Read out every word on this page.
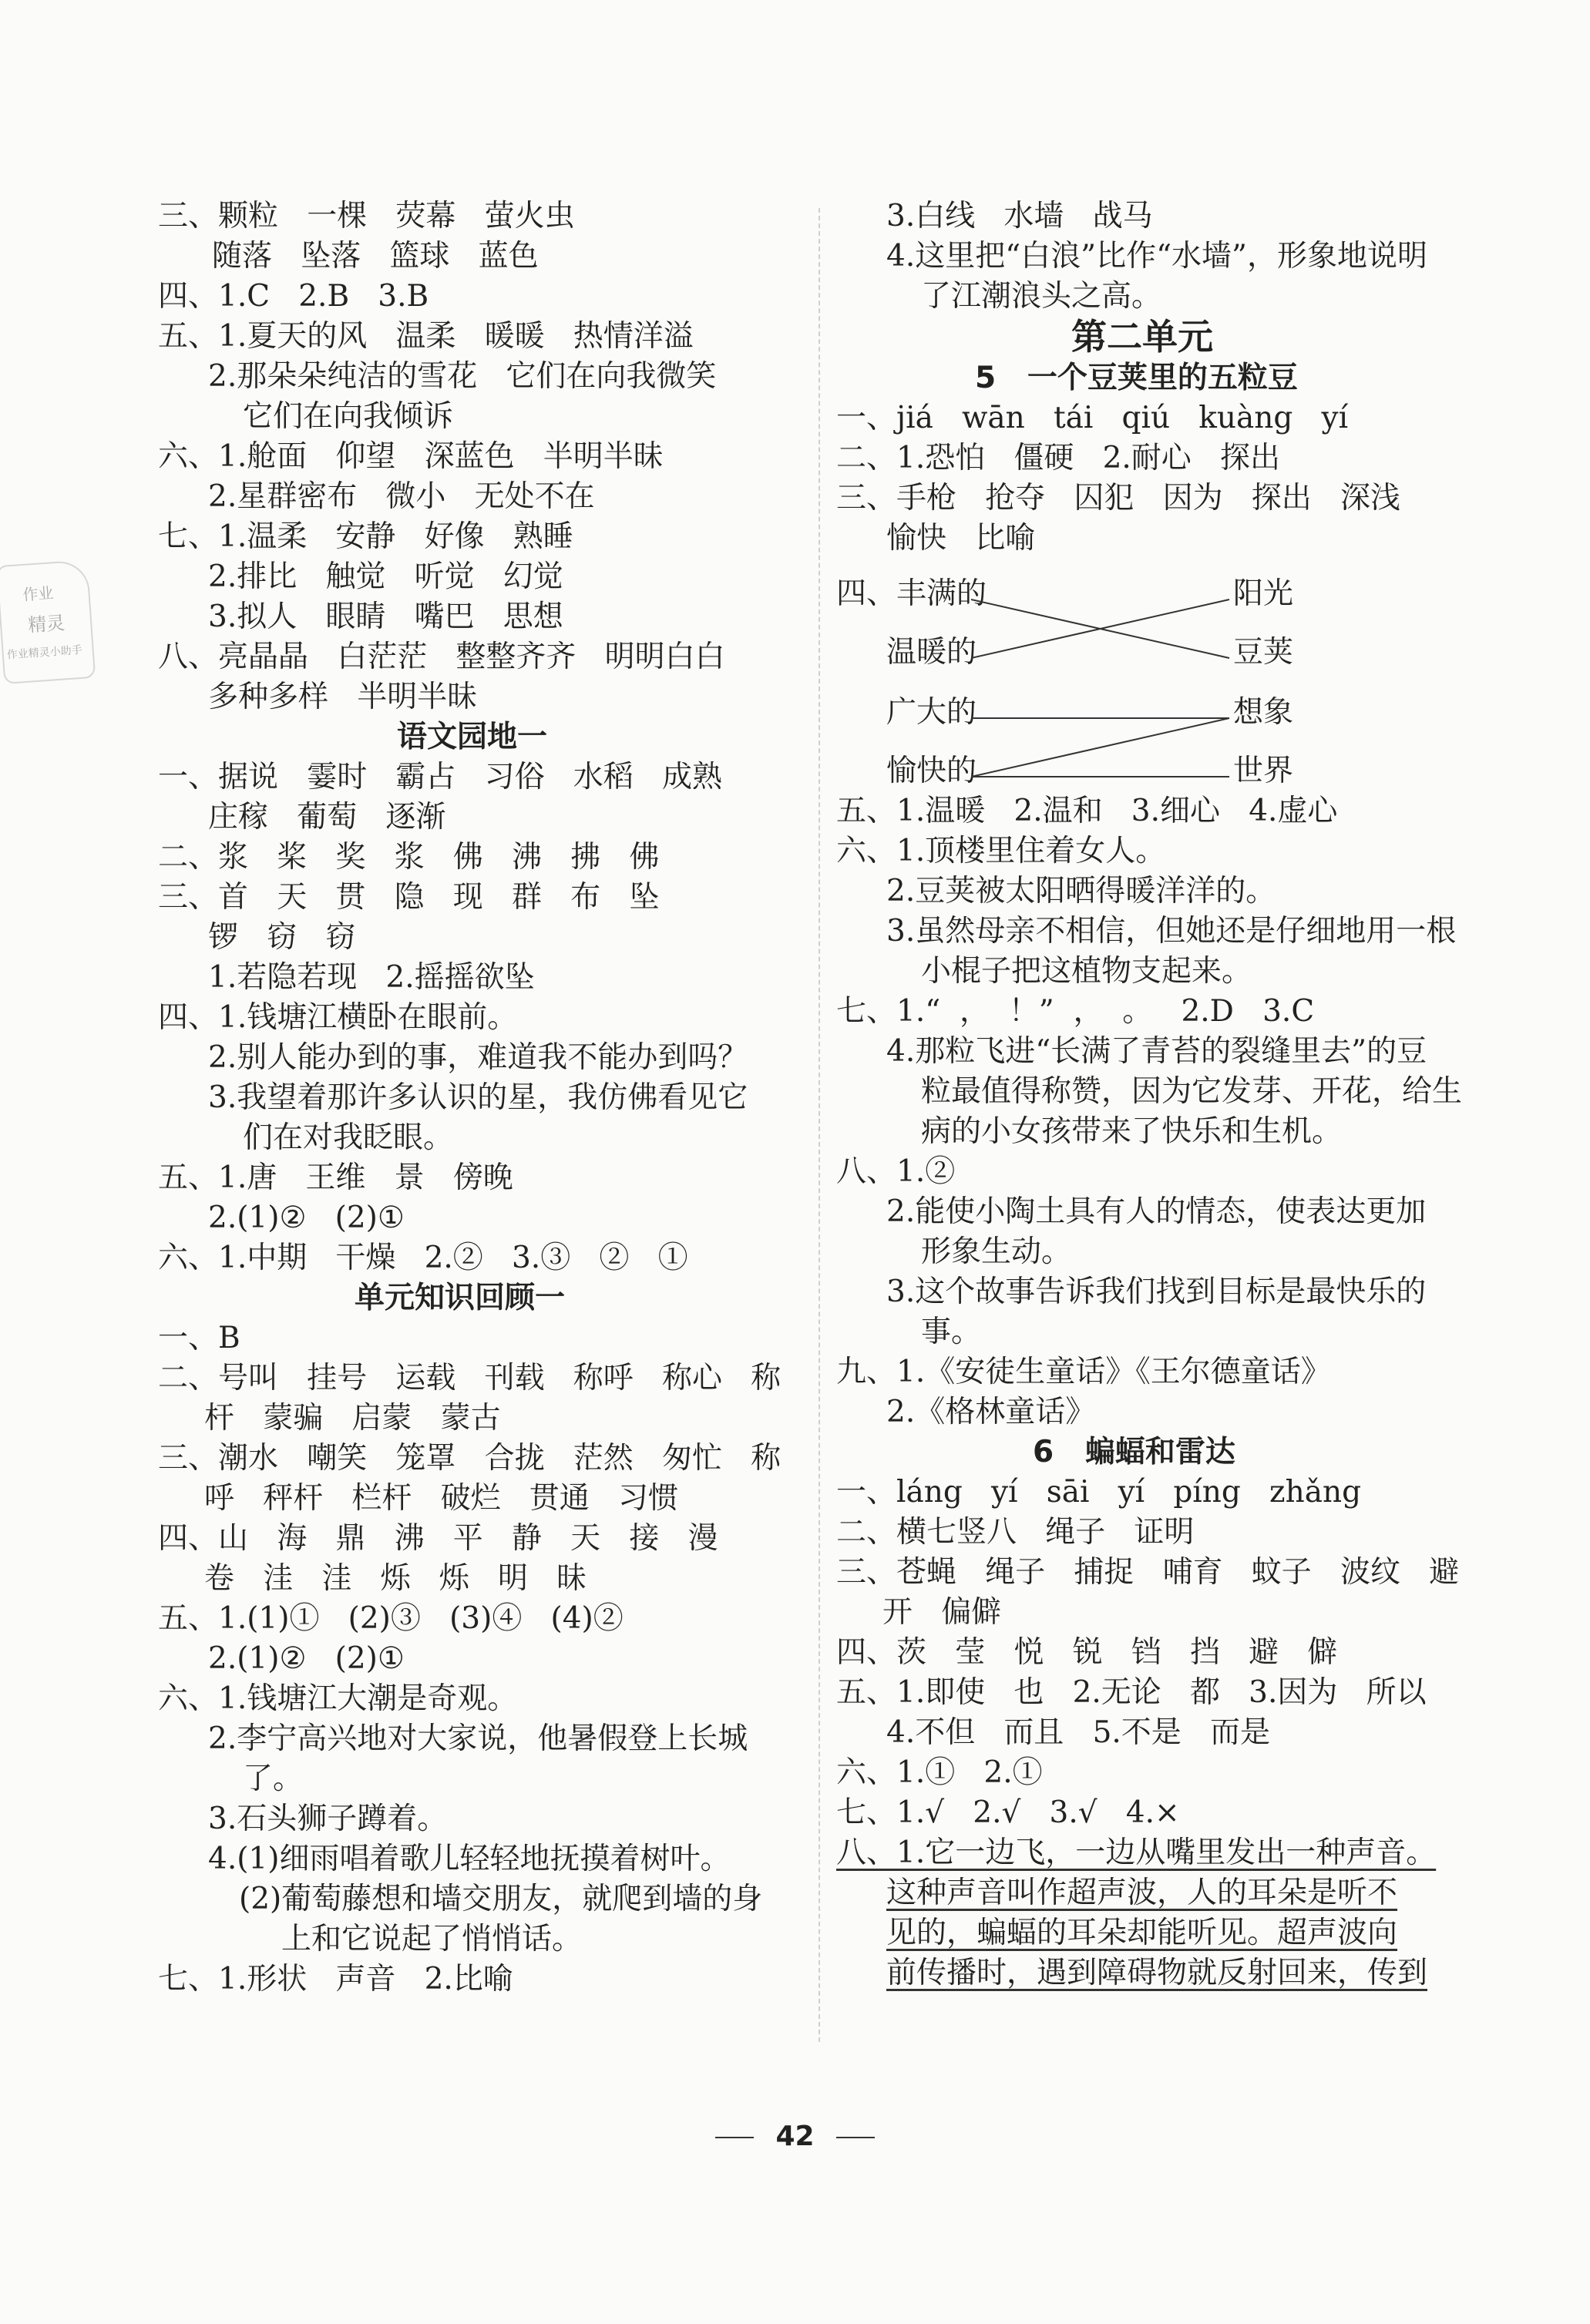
作业
精灵
作业精灵小助手
三、颗粒   一棵   荧幕   萤火虫
随落   坠落   篮球   蓝色
四、1.C   2.B   3.B
五、1.夏天的风   温柔   暖暖   热情洋溢
2.那朵朵纯洁的雪花   它们在向我微笑
它们在向我倾诉
六、1.舱面   仰望   深蓝色   半明半昧
2.星群密布   微小   无处不在
七、1.温柔   安静   好像   熟睡
2.排比   触觉   听觉   幻觉
3.拟人   眼睛   嘴巴   思想
八、亮晶晶   白茫茫   整整齐齐   明明白白
多种多样   半明半昧
语文园地一
一、据说   霎时   霸占   习俗   水稻   成熟
庄稼   葡萄   逐渐
二、浆   桨   奖   浆   佛   沸   拂   佛
三、首   天   贯   隐   现   群   布   坠
锣   窃   窃
1.若隐若现   2.摇摇欲坠
四、1.钱塘江横卧在眼前。
2.别人能办到的事，难道我不能办到吗？
3.我望着那许多认识的星，我仿佛看见它
们在对我眨眼。
五、1.唐   王维   景   傍晚
2.(1)②   (2)①
六、1.中期   干燥   2.②   3.③   ②   ①
单元知识回顾一
一、B
二、号叫   挂号   运载   刊载   称呼   称心   称
杆   蒙骗   启蒙   蒙古
三、潮水   嘲笑   笼罩   合拢   茫然   匆忙   称
呼   秤杆   栏杆   破烂   贯通   习惯
四、山   海   鼎   沸   平   静   天   接   漫
卷   洼   洼   烁   烁   明   昧
五、1.(1)①   (2)③   (3)④   (4)②
2.(1)②   (2)①
六、1.钱塘江大潮是奇观。
2.李宁高兴地对大家说，他暑假登上长城
了。
3.石头狮子蹲着。
4.(1)细雨唱着歌儿轻轻地抚摸着树叶。
(2)葡萄藤想和墙交朋友，就爬到墙的身
上和它说起了悄悄话。
七、1.形状   声音   2.比喻
3.白线   水墙   战马
4.这里把“白浪”比作“水墙”，形象地说明
了江潮浪头之高。
第二单元
5   一个豆荚里的五粒豆
一、jiá   wān   tái   qiú   kuàng   yí
二、1.恐怕   僵硬   2.耐心   探出
三、手枪   抢夺   囚犯   因为   探出   深浅
愉快   比喻
四、丰满的
温暖的
广大的
愉快的
阳光
豆荚
想象
世界
五、1.温暖   2.温和   3.细心   4.虚心
六、1.顶楼里住着女人。
2.豆荚被太阳晒得暖洋洋的。
3.虽然母亲不相信，但她还是仔细地用一根
小棍子把这植物支起来。
七、1.“  ，  ！”  ，  。   2.D   3.C
4.那粒飞进“长满了青苔的裂缝里去”的豆
粒最值得称赞，因为它发芽、开花，给生
病的小女孩带来了快乐和生机。
八、1.②
2.能使小陶土具有人的情态，使表达更加
形象生动。
3.这个故事告诉我们找到目标是最快乐的
事。
九、1.《安徒生童话》《王尔德童话》
2.《格林童话》
6   蝙蝠和雷达
一、láng   yí   sāi   yí   píng   zhǎng
二、横七竖八   绳子   证明
三、苍蝇   绳子   捕捉   哺育   蚊子   波纹   避
开   偏僻
四、茨   莹   悦   锐   铛   挡   避   僻
五、1.即使   也   2.无论   都   3.因为   所以
4.不但   而且   5.不是   而是
六、1.①   2.①
七、1.√   2.√   3.√   4.×
八、1.它一边飞，一边从嘴里发出一种声音。
这种声音叫作超声波，人的耳朵是听不
见的，蝙蝠的耳朵却能听见。超声波向
前传播时，遇到障碍物就反射回来，传到
42
